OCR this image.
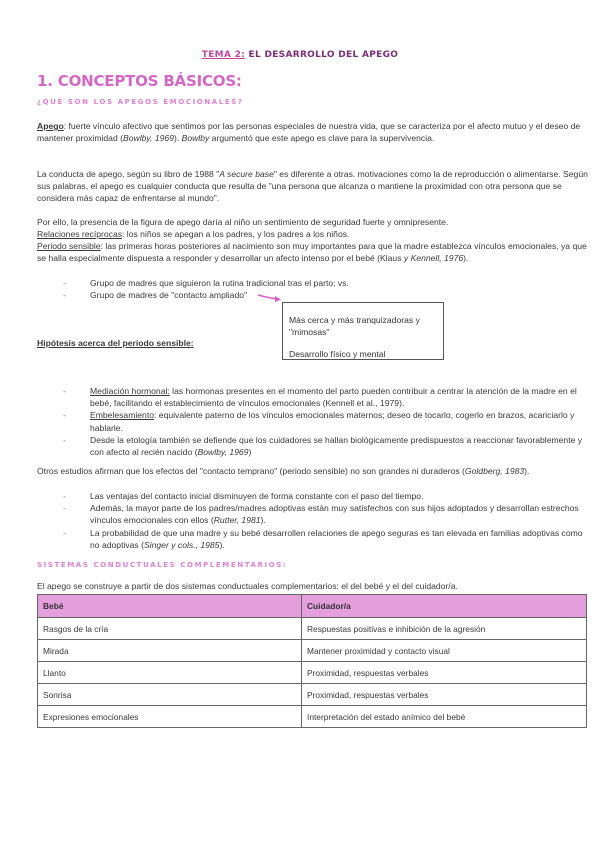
TEMA 2: EL DESARROLLO DEL APEGO
1. CONCEPTOS BÁSICOS:
¿QUÉ SON LOS APEGOS EMOCIONALES?
Apego: fuerte vínculo afectivo que sentimos por las personas especiales de nuestra vida, que se caracteriza por el afecto mutuo y el deseo de mantener proximidad (Bowlby, 1969). Bowlby argumentó que este apego es clave para la supervivencia.
La conducta de apego, según su libro de 1988 "A secure base" es diferente a otras. motivaciones como la de reproducción o alimentarse. Según sus palabras, el apego es cualquier conducta que resulta de "una persona que alcanza o mantiene la proximidad con otra persona que se considera más capaz de enfrentarse al mundo".
Por ello, la presencia de la figura de apego daría al niño un sentimiento de seguridad fuerte y omnipresente.
Relaciones recíprocas: los niños se apegan a los padres, y los padres a los niños.
Periodo sensible: las primeras horas posteriores al nacimiento son muy importantes para que la madre establezca vínculos emocionales, ya que se halla especialmente dispuesta a responder y desarrollar un afecto intenso por el bebé (Klaus y Kennell, 1976).
- Grupo de madres que siguieron la rutina tradicional tras el parto; vs.
- Grupo de madres de "contacto ampliado"
Más cerca y más tranquizadoras y "mimosas"
Desarrollo físico y mental
Hipótesis acerca del período sensible:
- Mediación hormonal: las hormonas presentes en el momento del parto pueden contribuir a centrar la atención de la madre en el bebé, facilitando el establecimiento de vínculos emocionales (Kennell et al., 1979).
- Embelesamiento: equivalente paterno de los vínculos emocionales maternos; deseo de tocarlo, cogerlo en brazos, acariciarlo y hablarle.
- Desde la etología también se defiende que los cuidadores se hallan biológicamente predispuestos a reaccionar favorablemente y con afecto al recién nacido (Bowlby, 1969)
Otros estudios afirman que los efectos del "contacto temprano" (periodo sensible) no son grandes ni duraderos (Goldberg, 1983).
- Las ventajas del contacto inicial disminuyen de forma constante con el paso del tiempo.
- Además, la mayor parte de los padres/madres adoptivas están muy satisfechos con sus hijos adoptados y desarrollan estrechos vínculos emocionales con ellos (Rutter, 1981).
- La probabilidad de que una madre y su bebé desarrollen relaciones de apego seguras es tan elevada en familias adoptivas como no adoptivas (Singer y cols., 1985).
SISTEMAS CONDUCTUALES COMPLEMENTARIOS:
El apego se construye a partir de dos sistemas conductuales complementarios: el del bebé y el del cuidador/a.
Bebé	Cuidador/a
Rasgos de la cría	Respuestas positivas e inhibición de la agresión
Mirada	Mantener proximidad y contacto visual
Llanto	Proximidad, respuestas verbales
Sonrisa	Proximidad, respuestas verbales
Expresiones emocionales	Interpretación del estado anímico del bebé
